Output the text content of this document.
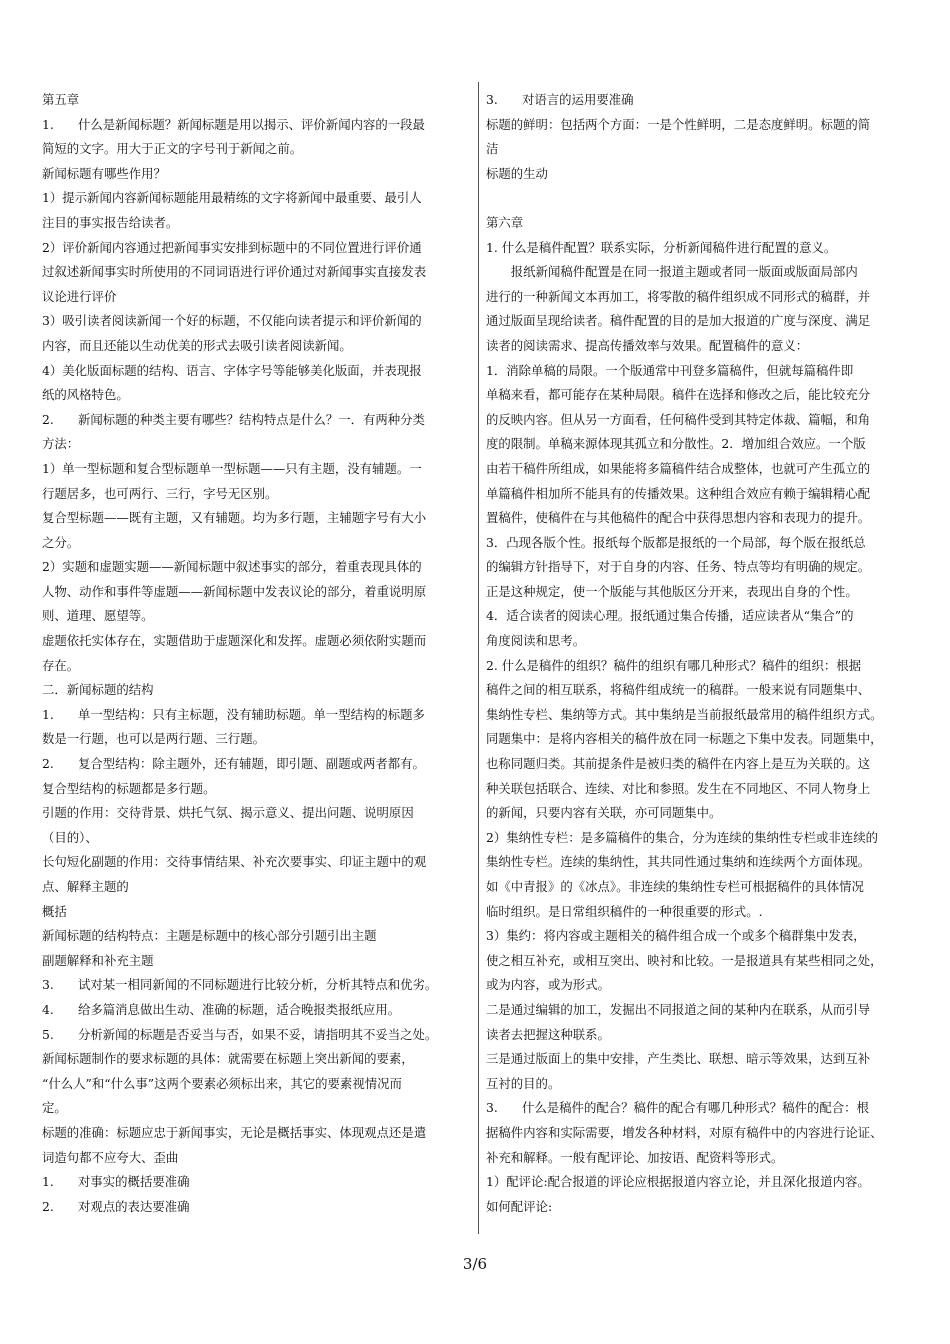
第五章
1. 什么是新闻标题？新闻标题是用以揭示、评价新闻内容的一段最
简短的文字。用大于正文的字号刊于新闻之前。
新闻标题有哪些作用？
1）提示新闻内容新闻标题能用最精练的文字将新闻中最重要、最引人
注目的事实报告给读者。
2）评价新闻内容通过把新闻事实安排到标题中的不同位置进行评价通
过叙述新闻事实时所使用的不同词语进行评价通过对新闻事实直接发表
议论进行评价
3）吸引读者阅读新闻一个好的标题，不仅能向读者提示和评价新闻的
内容，而且还能以生动优美的形式去吸引读者阅读新闻。
4）美化版面标题的结构、语言、字体字号等能够美化版面，并表现报
纸的风格特色。
2. 新闻标题的种类主要有哪些？结构特点是什么？一．有两种分类
方法：
1）单一型标题和复合型标题单一型标题——只有主题，没有辅题。一
行题居多，也可两行、三行，字号无区别。
复合型标题——既有主题，又有辅题。均为多行题，主辅题字号有大小
之分。
2）实题和虚题实题——新闻标题中叙述事实的部分，着重表现具体的
人物、动作和事件等虚题——新闻标题中发表议论的部分，着重说明原
则、道理、愿望等。
虚题依托实体存在，实题借助于虚题深化和发挥。虚题必须依附实题而
存在。
二．新闻标题的结构
1. 单一型结构：只有主标题，没有辅助标题。单一型结构的标题多
数是一行题，也可以是两行题、三行题。
2. 复合型结构：除主题外，还有辅题，即引题、副题或两者都有。
复合型结构的标题都是多行题。
引题的作用：交待背景、烘托气氛、揭示意义、提出问题、说明原因
（目的）、
长句短化副题的作用：交待事情结果、补充次要事实、印证主题中的观
点、解释主题的
概括
新闻标题的结构特点：主题是标题中的核心部分引题引出主题
副题解释和补充主题
3. 试对某一相同新闻的不同标题进行比较分析，分析其特点和优劣。
4. 给多篇消息做出生动、准确的标题，适合晚报类报纸应用。
5. 分析新闻的标题是否妥当与否，如果不妥，请指明其不妥当之处。
新闻标题制作的要求标题的具体：就需要在标题上突出新闻的要素，
“什么人”和“什么事”这两个要素必须标出来，其它的要素视情况而
定。
标题的准确：标题应忠于新闻事实，无论是概括事实、体现观点还是遣
词造句都不应夸大、歪曲
1. 对事实的概括要准确
2. 对观点的表达要准确
3. 对语言的运用要准确
标题的鲜明：包括两个方面：一是个性鲜明，二是态度鲜明。标题的简
洁
标题的生动
第六章
1. 什么是稿件配置？联系实际，分析新闻稿件进行配置的意义。
　　报纸新闻稿件配置是在同一报道主题或者同一版面或版面局部内
进行的一种新闻文本再加工，将零散的稿件组织成不同形式的稿群，并
通过版面呈现给读者。稿件配置的目的是加大报道的广度与深度、满足
读者的阅读需求、提高传播效率与效果。配置稿件的意义：
1．消除单稿的局限。一个版通常中刊登多篇稿件，但就每篇稿件即
单稿来看，都可能存在某种局限。稿件在选择和修改之后，能比较充分
的反映内容。但从另一方面看，任何稿件受到其特定体裁、篇幅，和角
度的限制。单稿来源体现其孤立和分散性。2．增加组合效应。一个版
由若干稿件所组成，如果能将多篇稿件结合成整体，也就可产生孤立的
单篇稿件相加所不能具有的传播效果。这种组合效应有赖于编辑精心配
置稿件，使稿件在与其他稿件的配合中获得思想内容和表现力的提升。
3．凸现各版个性。报纸每个版都是报纸的一个局部，每个版在报纸总
的编辑方针指导下，对于自身的内容、任务、特点等均有明确的规定。
正是这种规定，使一个版能与其他版区分开来，表现出自身的个性。
4．适合读者的阅读心理。报纸通过集合传播，适应读者从“集合”的
角度阅读和思考。
2. 什么是稿件的组织？稿件的组织有哪几种形式？稿件的组织：根据
稿件之间的相互联系，将稿件组成统一的稿群。一般来说有同题集中、
集纳性专栏、集纳等方式。其中集纳是当前报纸最常用的稿件组织方式。
同题集中：是将内容相关的稿件放在同一标题之下集中发表。同题集中，
也称同题归类。其前提条件是被归类的稿件在内容上是互为关联的。这
种关联包括联合、连续、对比和参照。发生在不同地区、不同人物身上
的新闻，只要内容有关联，亦可同题集中。
2）集纳性专栏：是多篇稿件的集合，分为连续的集纳性专栏或非连续的
集纳性专栏。连续的集纳性，其共同性通过集纳和连续两个方面体现。
如《中青报》的《冰点》。非连续的集纳性专栏可根据稿件的具体情况
临时组织。是日常组织稿件的一种很重要的形式。.
3）集约：将内容或主题相关的稿件组合成一个或多个稿群集中发表，
使之相互补充，或相互突出、映衬和比较。一是报道具有某些相同之处，
或为内容，或为形式。
二是通过编辑的加工，发掘出不同报道之间的某种内在联系，从而引导
读者去把握这种联系。
三是通过版面上的集中安排，产生类比、联想、暗示等效果，达到互补
互衬的目的。
3. 什么是稿件的配合？稿件的配合有哪几种形式？稿件的配合：根
据稿件内容和实际需要，增发各种材料，对原有稿件中的内容进行论证、
补充和解释。一般有配评论、加按语、配资料等形式。
1）配评论:配合报道的评论应根据报道内容立论，并且深化报道内容。
如何配评论:
3/6
